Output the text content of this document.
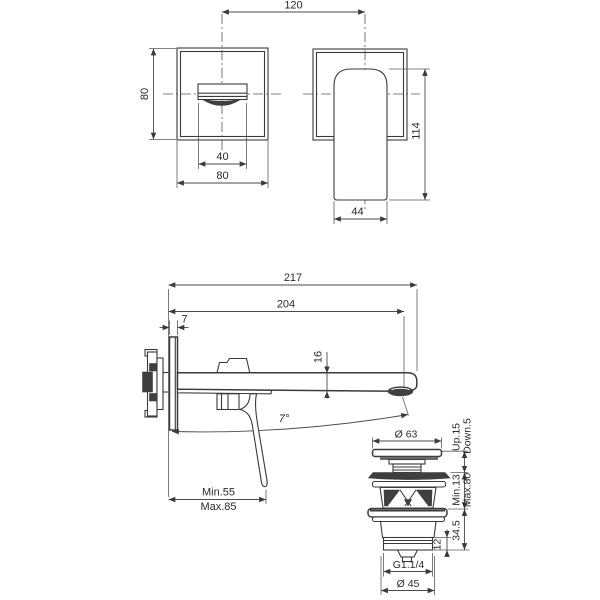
120
80
40
80
114
44
217
204
7
16
7°
Min.55
Max.85
Ø 63	Up.15 Down.5
Min.13 Max.80
34.5
12
G1.1/4
Ø 45
